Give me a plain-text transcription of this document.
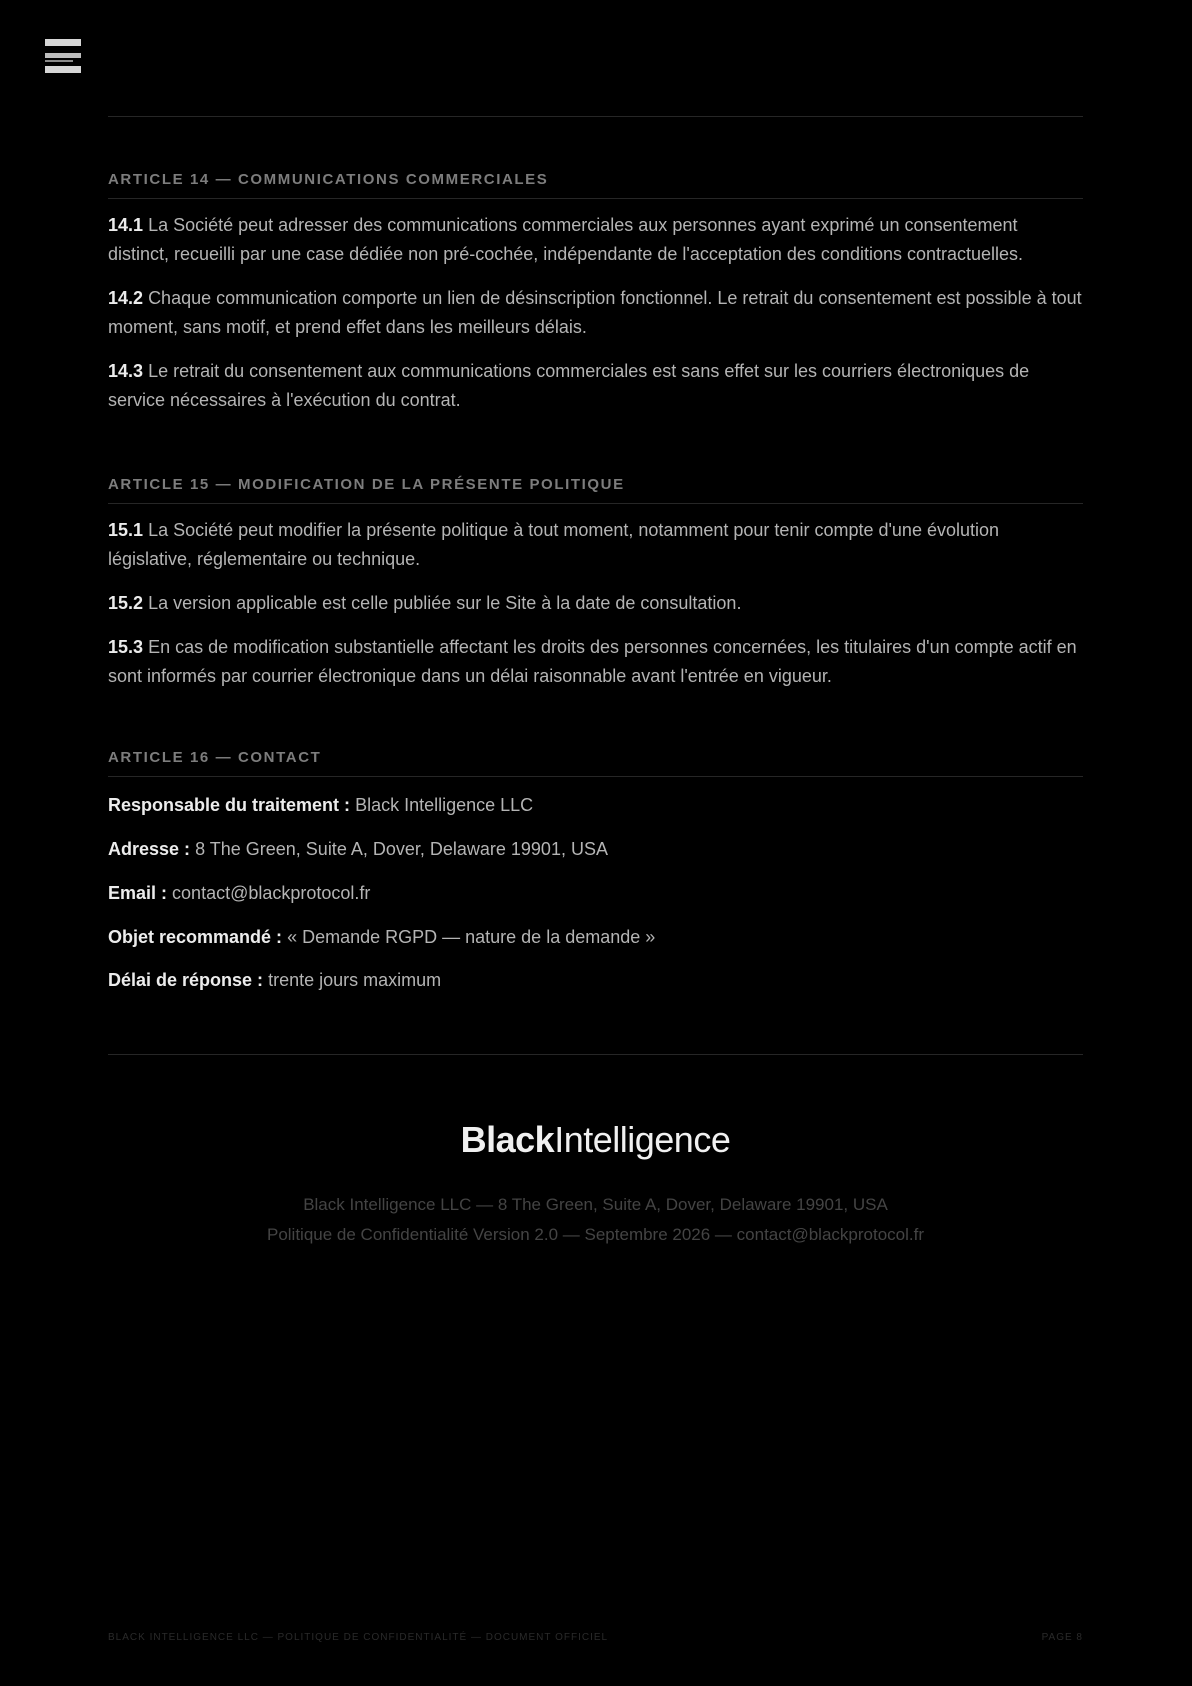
ARTICLE 14 — COMMUNICATIONS COMMERCIALES

14.1 La Société peut adresser des communications commerciales aux personnes ayant exprimé un consentement distinct, recueilli par une case dédiée non pré-cochée, indépendante de l'acceptation des conditions contractuelles.

14.2 Chaque communication comporte un lien de désinscription fonctionnel. Le retrait du consentement est possible à tout moment, sans motif, et prend effet dans les meilleurs délais.

14.3 Le retrait du consentement aux communications commerciales est sans effet sur les courriers électroniques de service nécessaires à l'exécution du contrat.

ARTICLE 15 — MODIFICATION DE LA PRÉSENTE POLITIQUE

15.1 La Société peut modifier la présente politique à tout moment, notamment pour tenir compte d'une évolution législative, réglementaire ou technique.

15.2 La version applicable est celle publiée sur le Site à la date de consultation.

15.3 En cas de modification substantielle affectant les droits des personnes concernées, les titulaires d'un compte actif en sont informés par courrier électronique dans un délai raisonnable avant l'entrée en vigueur.

ARTICLE 16 — CONTACT

Responsable du traitement : Black Intelligence LLC

Adresse : 8 The Green, Suite A, Dover, Delaware 19901, USA

Email : contact@blackprotocol.fr

Objet recommandé : « Demande RGPD — nature de la demande »

Délai de réponse : trente jours maximum

BlackIntelligence
Black Intelligence LLC — 8 The Green, Suite A, Dover, Delaware 19901, USA
Politique de Confidentialité Version 2.0 — Septembre 2026 — contact@blackprotocol.fr
BLACK INTELLIGENCE LLC — POLITIQUE DE CONFIDENTIALITÉ — DOCUMENT OFFICIEL	PAGE 8
